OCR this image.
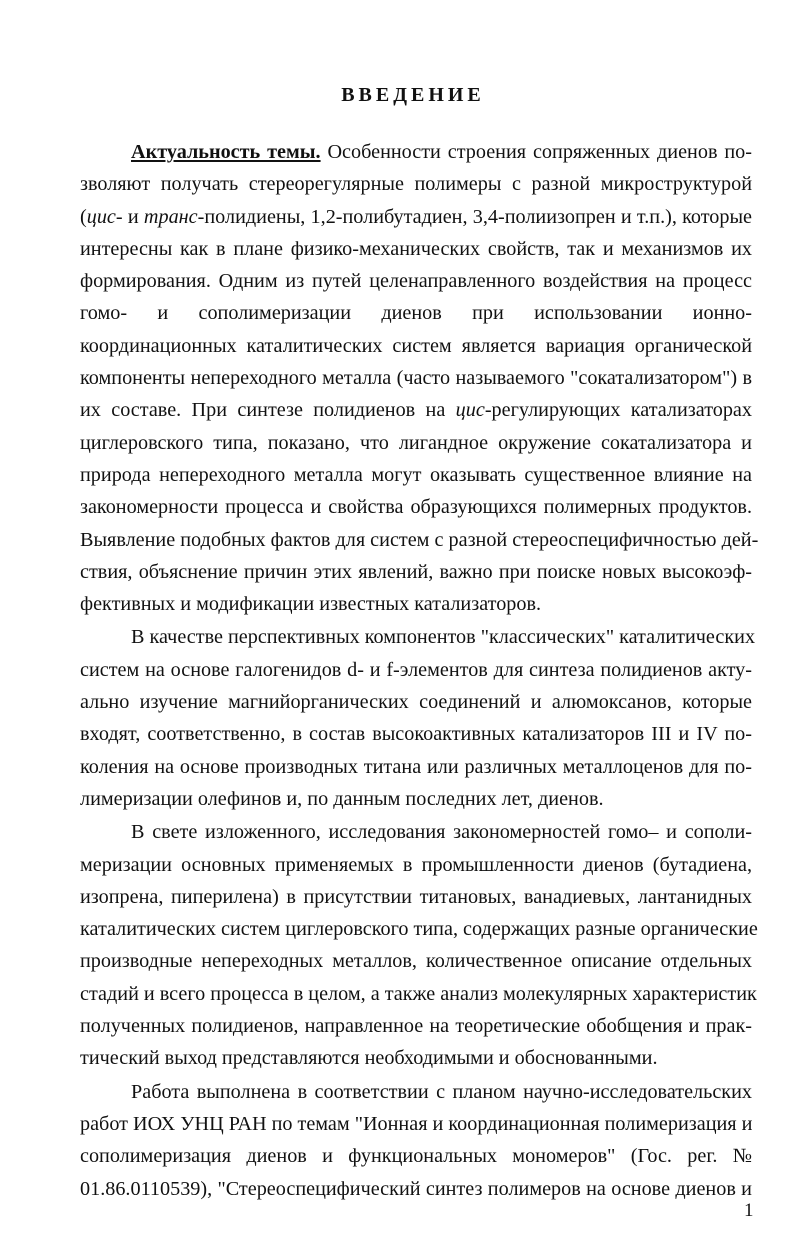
ВВЕДЕНИЕ
Актуальность темы. Особенности строения сопряженных диенов по-
зволяют получать стереорегулярные полимеры с разной микроструктурой
(цис- и транс-полидиены, 1,2-полибутадиен, 3,4-полиизопрен и т.п.), которые
интересны как в плане физико-механических свойств, так и механизмов их
формирования. Одним из путей целенаправленного воздействия на процесс
гомо- и сополимеризации диенов при использовании ионно-
координационных каталитических систем является вариация органической
компоненты непереходного металла (часто называемого "сокатализатором") в
их составе. При синтезе полидиенов на цис-регулирующих катализаторах
циглеровского типа, показано, что лигандное окружение сокатализатора и
природа непереходного металла могут оказывать существенное влияние на
закономерности процесса и свойства образующихся полимерных продуктов.
Выявление подобных фактов для систем с разной стереоспецифичностью дей-
ствия, объяснение причин этих явлений, важно при поиске новых высокоэф-
фективных и модификации известных катализаторов.
В качестве перспективных компонентов "классических" каталитических
систем на основе галогенидов d- и f-элементов для синтеза полидиенов акту-
ально изучение магнийорганических соединений и алюмоксанов, которые
входят, соответственно, в состав высокоактивных катализаторов III и IV по-
коления на основе производных титана или различных металлоценов для по-
лимеризации олефинов и, по данным последних лет, диенов.
В свете изложенного, исследования закономерностей гомо– и сополи-
меризации основных применяемых в промышленности диенов (бутадиена,
изопрена, пиперилена) в присутствии титановых, ванадиевых, лантанидных
каталитических систем циглеровского типа, содержащих разные органические
производные непереходных металлов, количественное описание отдельных
стадий и всего процесса в целом, а также анализ молекулярных характеристик
полученных полидиенов, направленное на теоретические обобщения и прак-
тический выход представляются необходимыми и обоснованными.
Работа выполнена в соответствии с планом научно-исследовательских
работ ИОХ УНЦ РАН по темам "Ионная и координационная полимеризация и
сополимеризация диенов и функциональных мономеров" (Гос. рег. №
01.86.0110539), "Стереоспецифический синтез полимеров на основе диенов и
1
